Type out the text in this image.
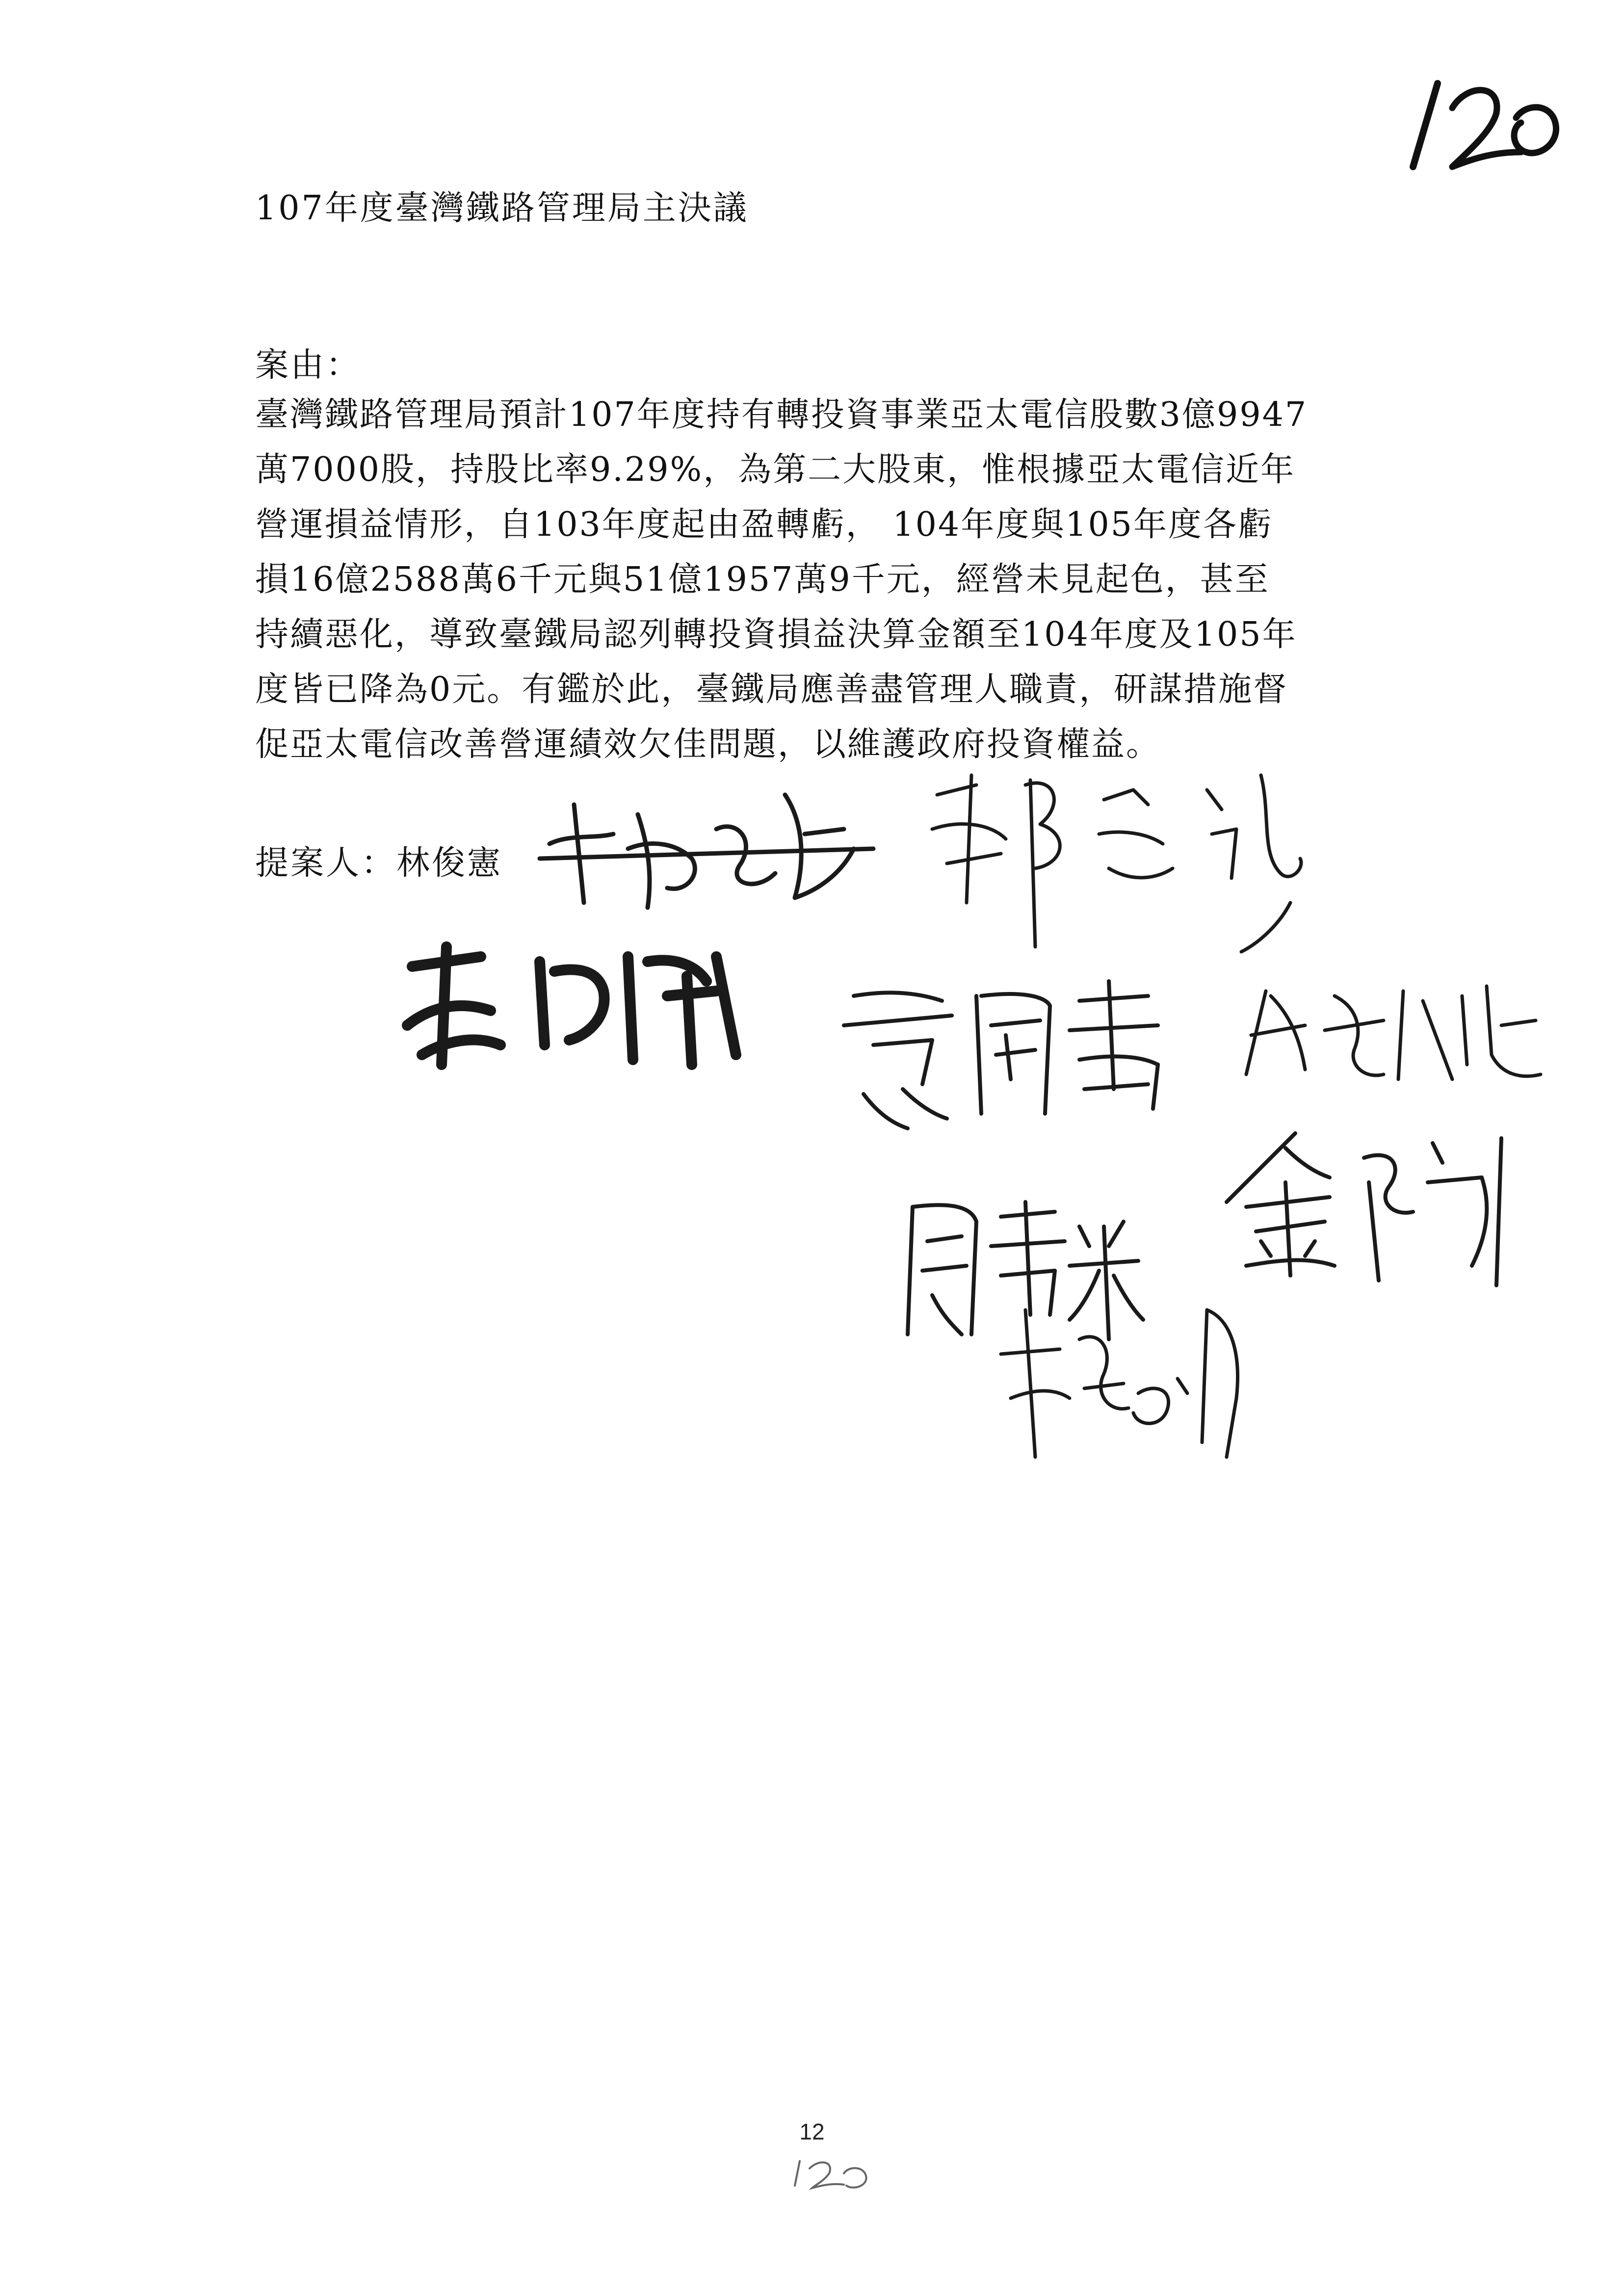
107年度臺灣鐵路管理局主決議
案由：
臺灣鐵路管理局預計107年度持有轉投資事業亞太電信股數3億9947
萬7000股，持股比率9.29%，為第二大股東，惟根據亞太電信近年
營運損益情形，自103年度起由盈轉虧， 104年度與105年度各虧
損16億2588萬6千元與51億1957萬9千元，經營未見起色，甚至
持續惡化，導致臺鐵局認列轉投資損益決算金額至104年度及105年
度皆已降為0元。有鑑於此，臺鐵局應善盡管理人職責，研謀措施督
促亞太電信改善營運績效欠佳問題，以維護政府投資權益。
提案人：林俊憲
12
